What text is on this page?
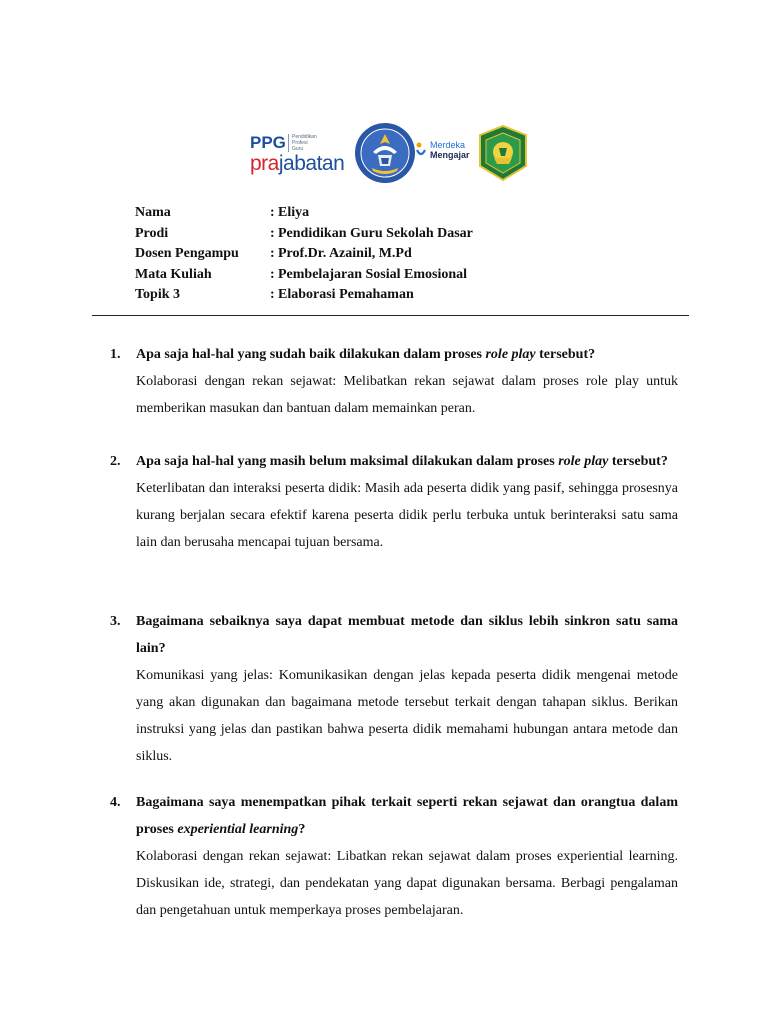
PPG	Pendidikan
Profesi
Guru
prajabatan
Merdeka
Mengajar
Nama	: Eliya
Prodi	: Pendidikan Guru Sekolah Dasar
Dosen Pengampu	: Prof.Dr. Azainil, M.Pd
Mata Kuliah	: Pembelajaran Sosial Emosional
Topik 3	: Elaborasi Pemahaman
1.	Apa saja hal-hal yang sudah baik dilakukan dalam proses role play tersebut?
Kolaborasi dengan rekan sejawat: Melibatkan rekan sejawat dalam proses role play untuk memberikan masukan dan bantuan dalam memainkan peran.
2.	Apa saja hal-hal yang masih belum maksimal dilakukan dalam proses role play tersebut?
Keterlibatan dan interaksi peserta didik: Masih ada peserta didik yang pasif, sehingga prosesnya kurang berjalan secara efektif karena peserta didik perlu terbuka untuk berinteraksi satu sama lain dan berusaha mencapai tujuan bersama.
3.	Bagaimana sebaiknya saya dapat membuat metode dan siklus lebih sinkron satu sama lain?
Komunikasi yang jelas: Komunikasikan dengan jelas kepada peserta didik mengenai metode yang akan digunakan dan bagaimana metode tersebut terkait dengan tahapan siklus. Berikan instruksi yang jelas dan pastikan bahwa peserta didik memahami hubungan antara metode dan siklus.
4.	Bagaimana saya menempatkan pihak terkait seperti rekan sejawat dan orangtua dalam proses experiential learning?
Kolaborasi dengan rekan sejawat: Libatkan rekan sejawat dalam proses experiential learning. Diskusikan ide, strategi, dan pendekatan yang dapat digunakan bersama. Berbagi pengalaman dan pengetahuan untuk memperkaya proses pembelajaran.
